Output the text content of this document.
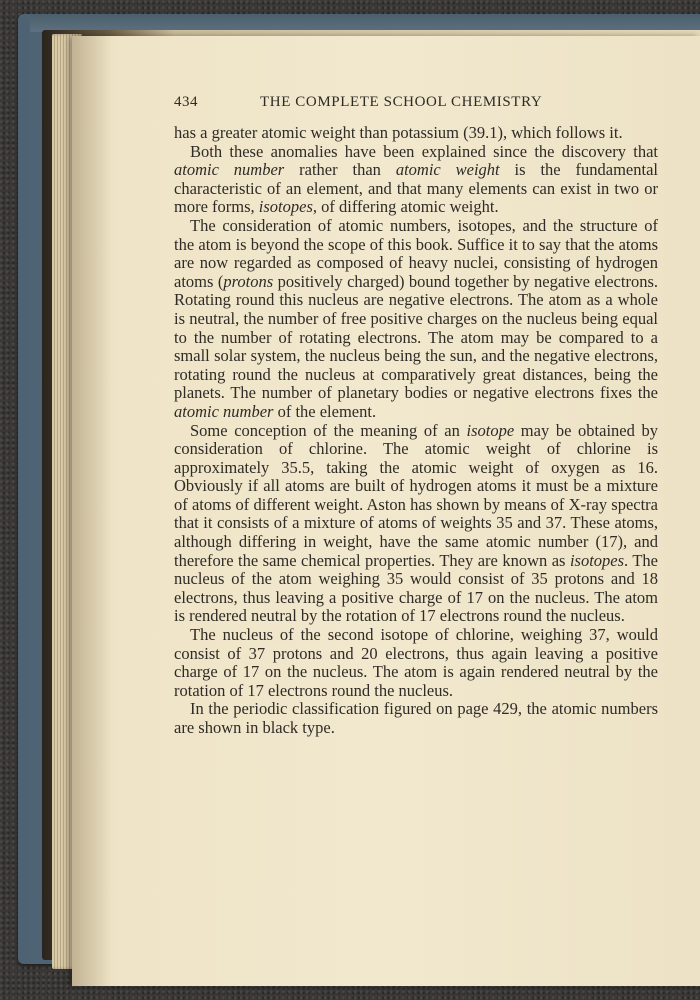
434	THE COMPLETE SCHOOL CHEMISTRY

has a greater atomic weight than potassium (39.1), which follows it.

Both these anomalies have been explained since the discovery that atomic number rather than atomic weight is the fundamental characteristic of an element, and that many elements can exist in two or more forms, isotopes, of differing atomic weight.

The consideration of atomic numbers, isotopes, and the structure of the atom is beyond the scope of this book. Suffice it to say that the atoms are now regarded as composed of heavy nuclei, consisting of hydrogen atoms (protons positively charged) bound together by negative electrons. Rotating round this nucleus are negative electrons. The atom as a whole is neutral, the number of free positive charges on the nucleus being equal to the number of rotating electrons. The atom may be compared to a small solar system, the nucleus being the sun, and the negative electrons, rotating round the nucleus at comparatively great distances, being the planets. The number of planetary bodies or negative electrons fixes the atomic number of the element.

Some conception of the meaning of an isotope may be obtained by consideration of chlorine. The atomic weight of chlorine is approximately 35.5, taking the atomic weight of oxygen as 16. Obviously if all atoms are built of hydrogen atoms it must be a mixture of atoms of different weight. Aston has shown by means of X-ray spectra that it consists of a mixture of atoms of weights 35 and 37. These atoms, although differing in weight, have the same atomic number (17), and therefore the same chemical properties. They are known as isotopes. The nucleus of the atom weighing 35 would consist of 35 protons and 18 electrons, thus leaving a positive charge of 17 on the nucleus. The atom is rendered neutral by the rotation of 17 electrons round the nucleus.

The nucleus of the second isotope of chlorine, weighing 37, would consist of 37 protons and 20 electrons, thus again leaving a positive charge of 17 on the nucleus. The atom is again rendered neutral by the rotation of 17 electrons round the nucleus.

In the periodic classification figured on page 429, the atomic numbers are shown in black type.
